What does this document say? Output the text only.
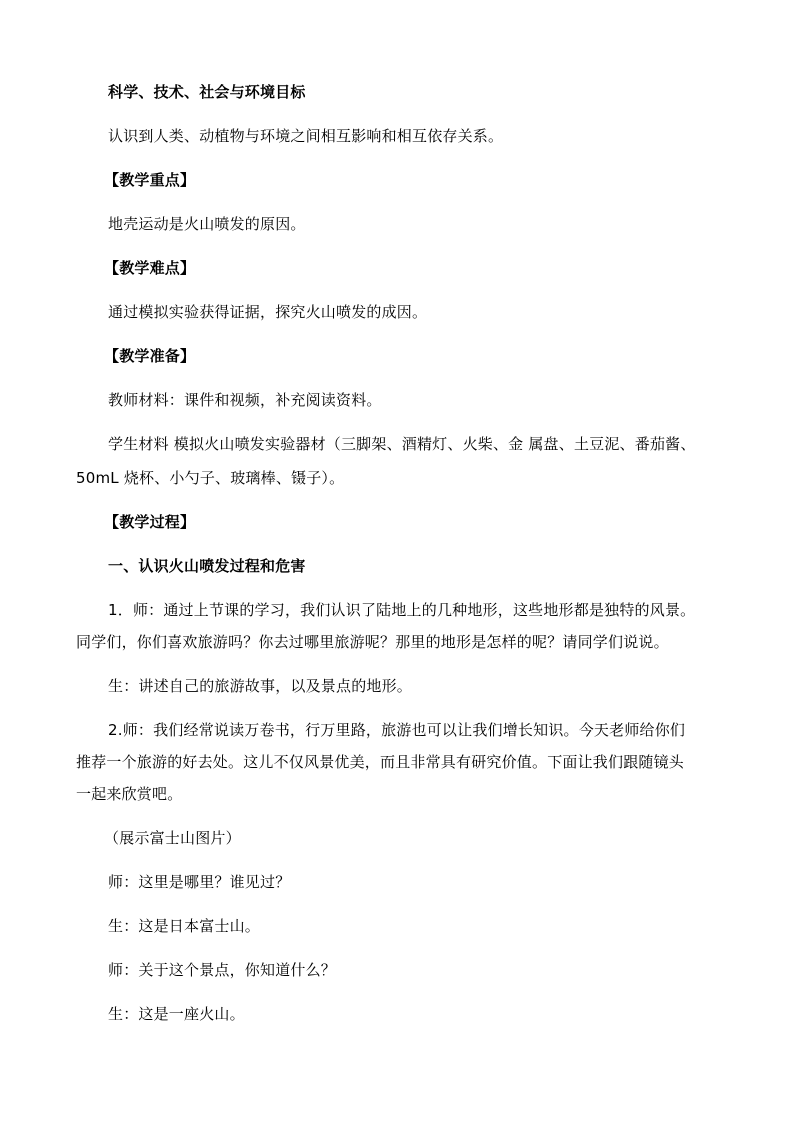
科学、技术、社会与环境目标
认识到人类、动植物与环境之间相互影响和相互依存关系。
【教学重点】
地壳运动是火山喷发的原因。
【教学难点】
通过模拟实验获得证据，探究火山喷发的成因。
【教学准备】
教师材料：课件和视频，补充阅读资料。
学生材料 模拟火山喷发实验器材（三脚架、酒精灯、火柴、金 属盘、土豆泥、番茄酱、
50mL 烧杯、小勺子、玻璃棒、镊子）。
【教学过程】
一、认识火山喷发过程和危害
1．师：通过上节课的学习，我们认识了陆地上的几种地形，这些地形都是独特的风景。
同学们，你们喜欢旅游吗？你去过哪里旅游呢？那里的地形是怎样的呢？请同学们说说。
生：讲述自己的旅游故事，以及景点的地形。
2.师：我们经常说读万卷书，行万里路，旅游也可以让我们增长知识。今天老师给你们
推荐一个旅游的好去处。这儿不仅风景优美，而且非常具有研究价值。下面让我们跟随镜头
一起来欣赏吧。
（展示富士山图片）
师：这里是哪里？谁见过？
生：这是日本富士山。
师：关于这个景点，你知道什么？
生：这是一座火山。
